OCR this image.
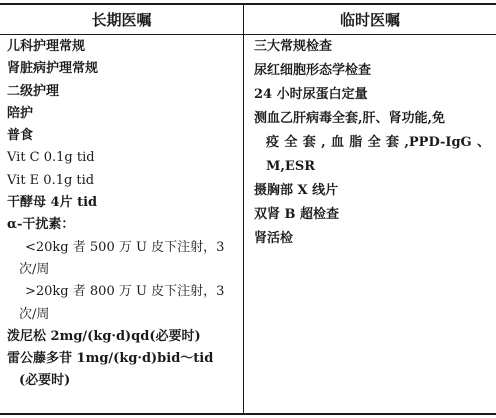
长期医嘱	临时医嘱

儿科护理常规

肾脏病护理常规

二级护理

陪护

普食

Vit C 0.1g tid

Vit E 0.1g tid

干酵母 4片 tid

α-干扰素：

<20kg 者 500 万 U 皮下注射，3

次/周

>20kg 者 800 万 U 皮下注射，3

次/周

泼尼松 2mg/(kg·d)qd(必要时)

雷公藤多苷 1mg/(kg·d)bid～tid

(必要时)

三大常规检查

尿红细胞形态学检查

24 小时尿蛋白定量

测血乙肝病毒全套,肝、肾功能,免

疫全套,血脂全套,PPD-IgG、

M,ESR

摄胸部 X 线片

双肾 B 超检查

肾活检
